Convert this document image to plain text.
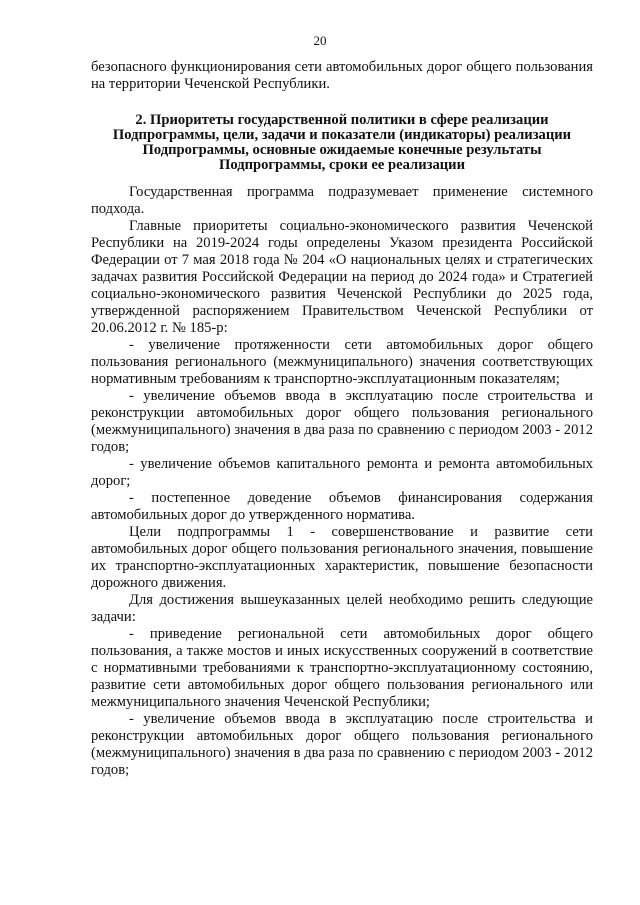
20

безопасного функционирования сети автомобильных дорог общего пользования на территории Чеченской Республики.

2. Приоритеты государственной политики в сфере реализации Подпрограммы, цели, задачи и показатели (индикаторы) реализации Подпрограммы, основные ожидаемые конечные результаты Подпрограммы, сроки ее реализации

Государственная программа подразумевает применение системного подхода.

Главные приоритеты социально-экономического развития Чеченской Республики на 2019-2024 годы определены Указом президента Российской Федерации от 7 мая 2018 года № 204 «О национальных целях и стратегических задачах развития Российской Федерации на период до 2024 года» и Стратегией социально-экономического развития Чеченской Республики до 2025 года, утвержденной распоряжением Правительством Чеченской Республики от 20.06.2012 г. № 185-р:

- увеличение протяженности сети автомобильных дорог общего пользования регионального (межмуниципального) значения соответствующих нормативным требованиям к транспортно-эксплуатационным показателям;

- увеличение объемов ввода в эксплуатацию после строительства и реконструкции автомобильных дорог общего пользования регионального (межмуниципального) значения в два раза по сравнению с периодом 2003 - 2012 годов;

- увеличение объемов капитального ремонта и ремонта автомобильных дорог;

- постепенное доведение объемов финансирования содержания автомобильных дорог до утвержденного норматива.

Цели подпрограммы 1 - совершенствование и развитие сети автомобильных дорог общего пользования регионального значения, повышение их транспортно-эксплуатационных характеристик, повышение безопасности дорожного движения.

Для достижения вышеуказанных целей необходимо решить следующие задачи:

- приведение региональной сети автомобильных дорог общего пользования, а также мостов и иных искусственных сооружений в соответствие с нормативными требованиями к транспортно-эксплуатационному состоянию, развитие сети автомобильных дорог общего пользования регионального или межмуниципального значения Чеченской Республики;

- увеличение объемов ввода в эксплуатацию после строительства и реконструкции автомобильных дорог общего пользования регионального (межмуниципального) значения в два раза по сравнению с периодом 2003 - 2012 годов;
